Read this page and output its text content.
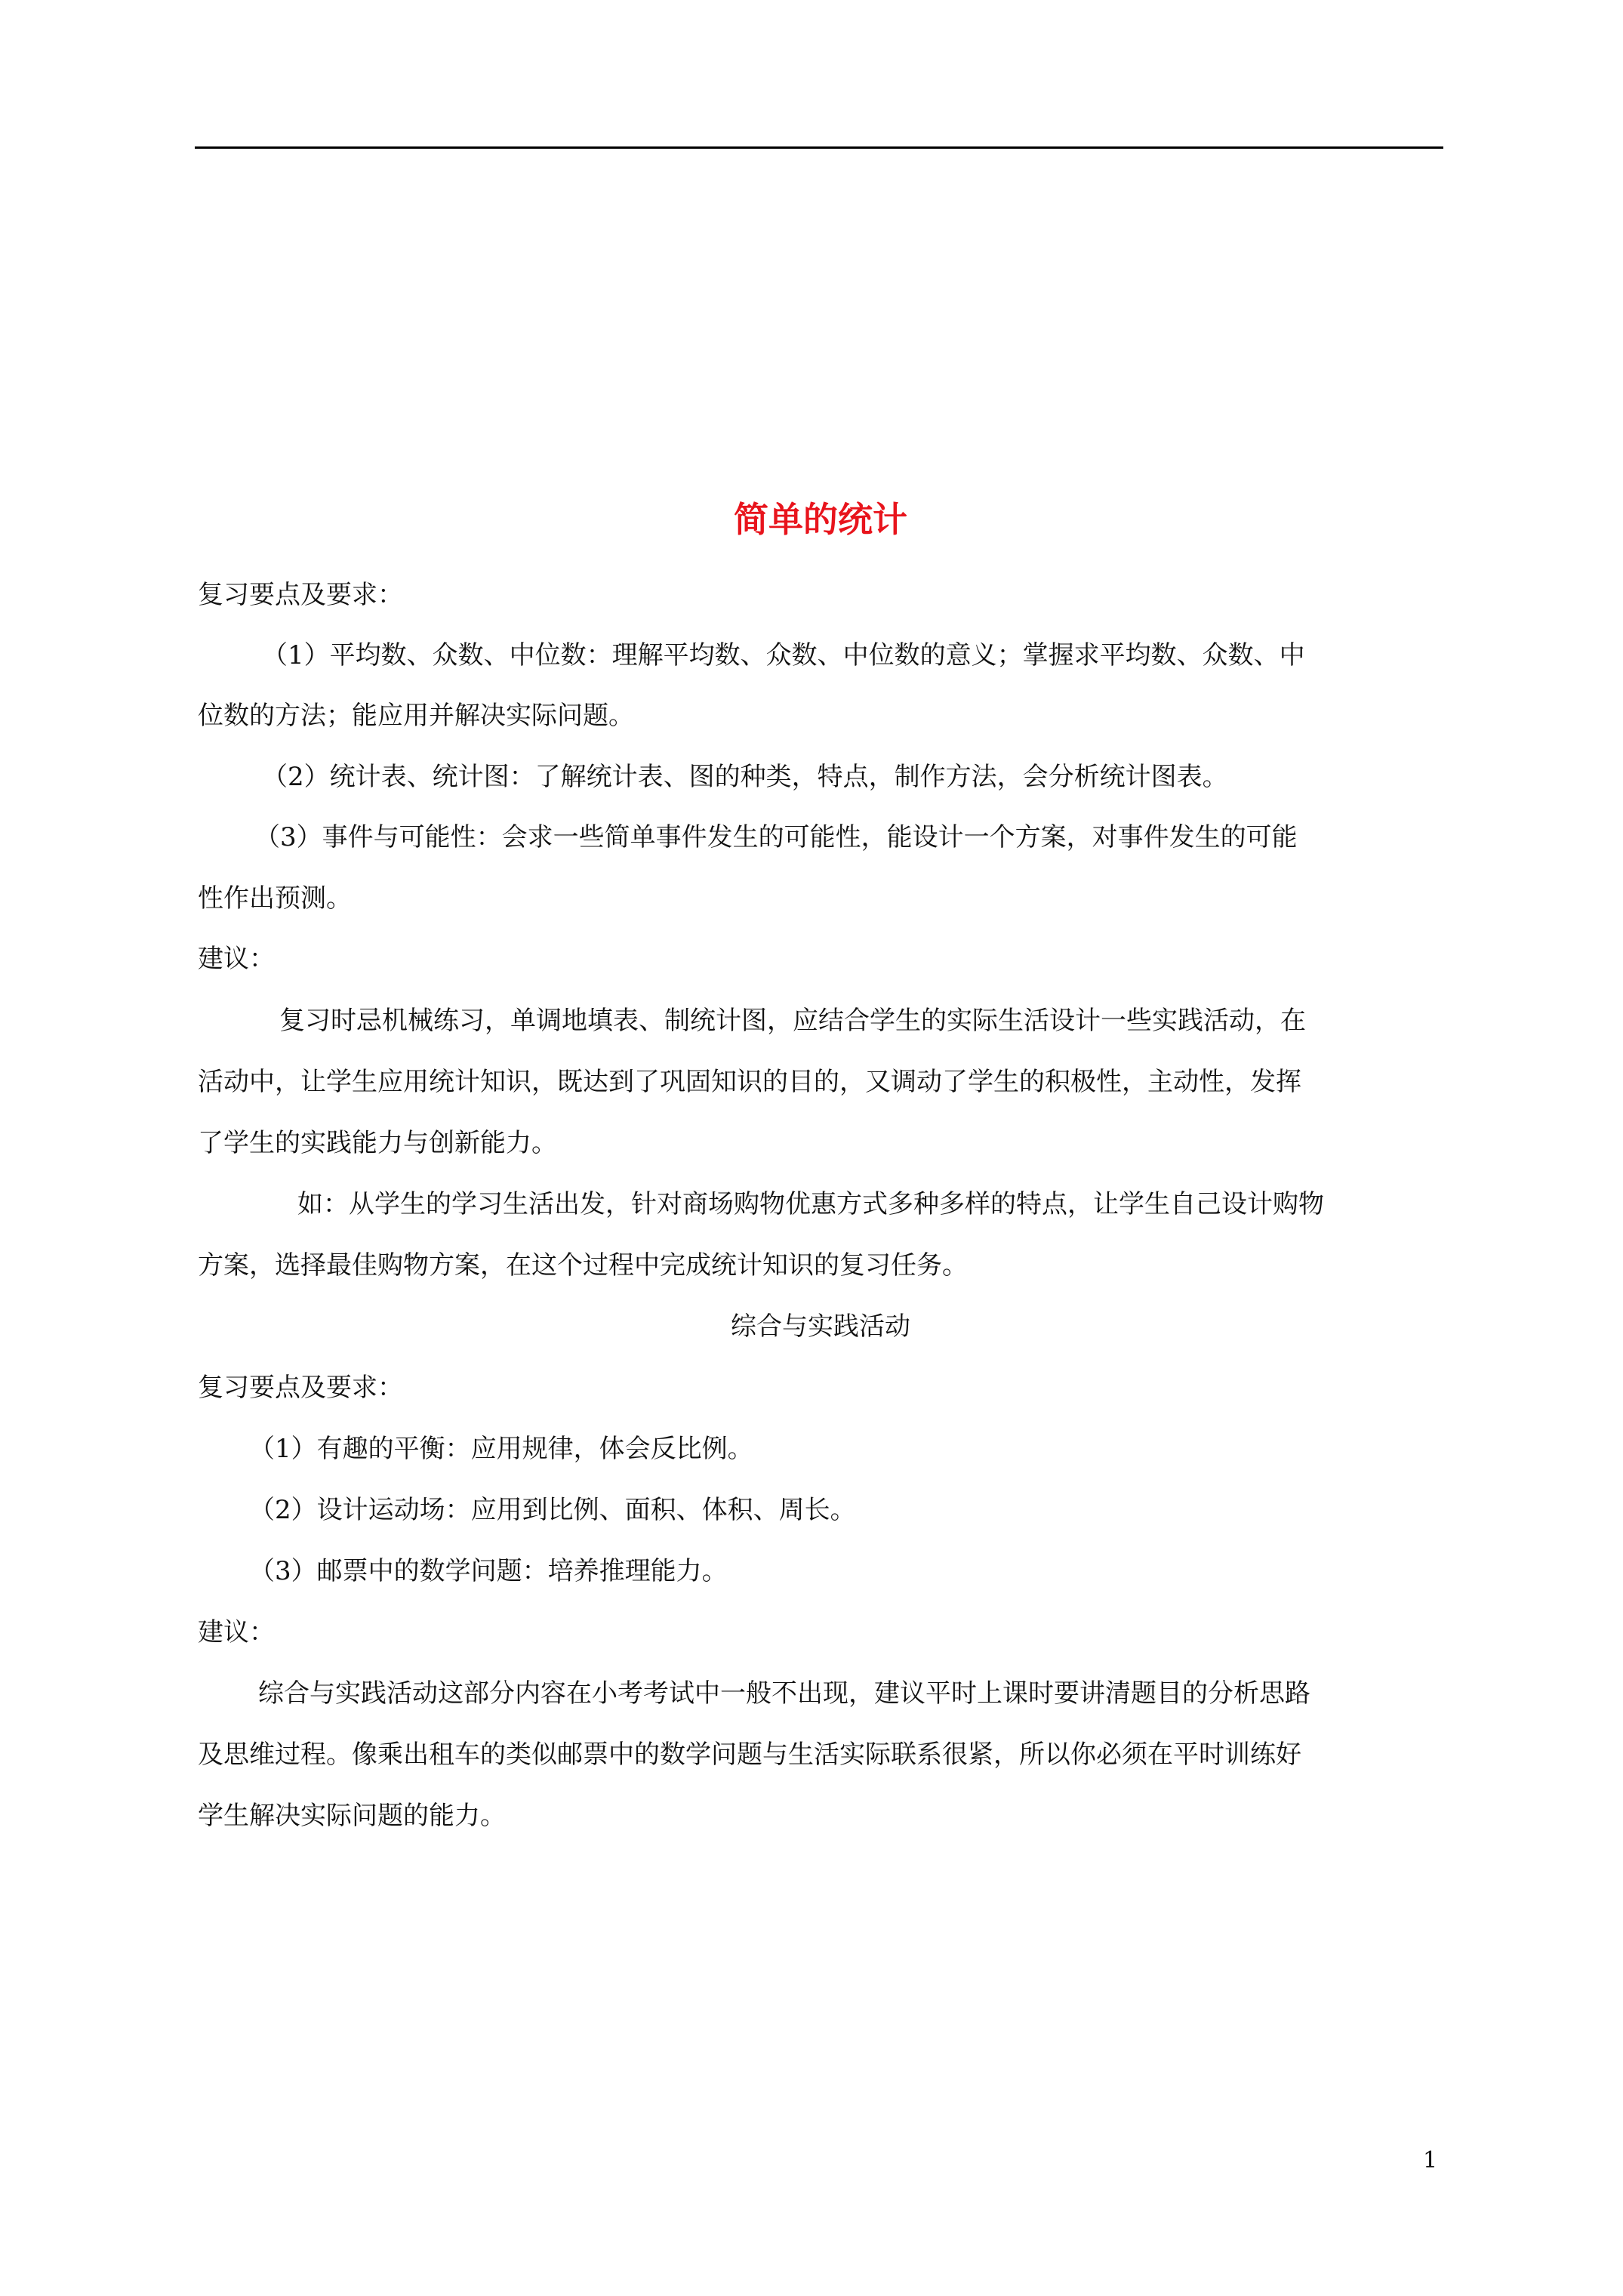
简单的统计
复习要点及要求：
（1）平均数、众数、中位数：理解平均数、众数、中位数的意义；掌握求平均数、众数、中
位数的方法；能应用并解决实际问题。
（2）统计表、统计图：了解统计表、图的种类，特点，制作方法，会分析统计图表。
（3）事件与可能性：会求一些简单事件发生的可能性，能设计一个方案，对事件发生的可能
性作出预测。
建议：
复习时忌机械练习，单调地填表、制统计图，应结合学生的实际生活设计一些实践活动，在
活动中，让学生应用统计知识，既达到了巩固知识的目的，又调动了学生的积极性，主动性，发挥
了学生的实践能力与创新能力。
如：从学生的学习生活出发，针对商场购物优惠方式多种多样的特点，让学生自己设计购物
方案，选择最佳购物方案，在这个过程中完成统计知识的复习任务。
综合与实践活动
复习要点及要求：
（1）有趣的平衡：应用规律，体会反比例。
（2）设计运动场：应用到比例、面积、体积、周长。
（3）邮票中的数学问题：培养推理能力。
建议：
综合与实践活动这部分内容在小考考试中一般不出现，建议平时上课时要讲清题目的分析思路
及思维过程。像乘出租车的类似邮票中的数学问题与生活实际联系很紧，所以你必须在平时训练好
学生解决实际问题的能力。
1
